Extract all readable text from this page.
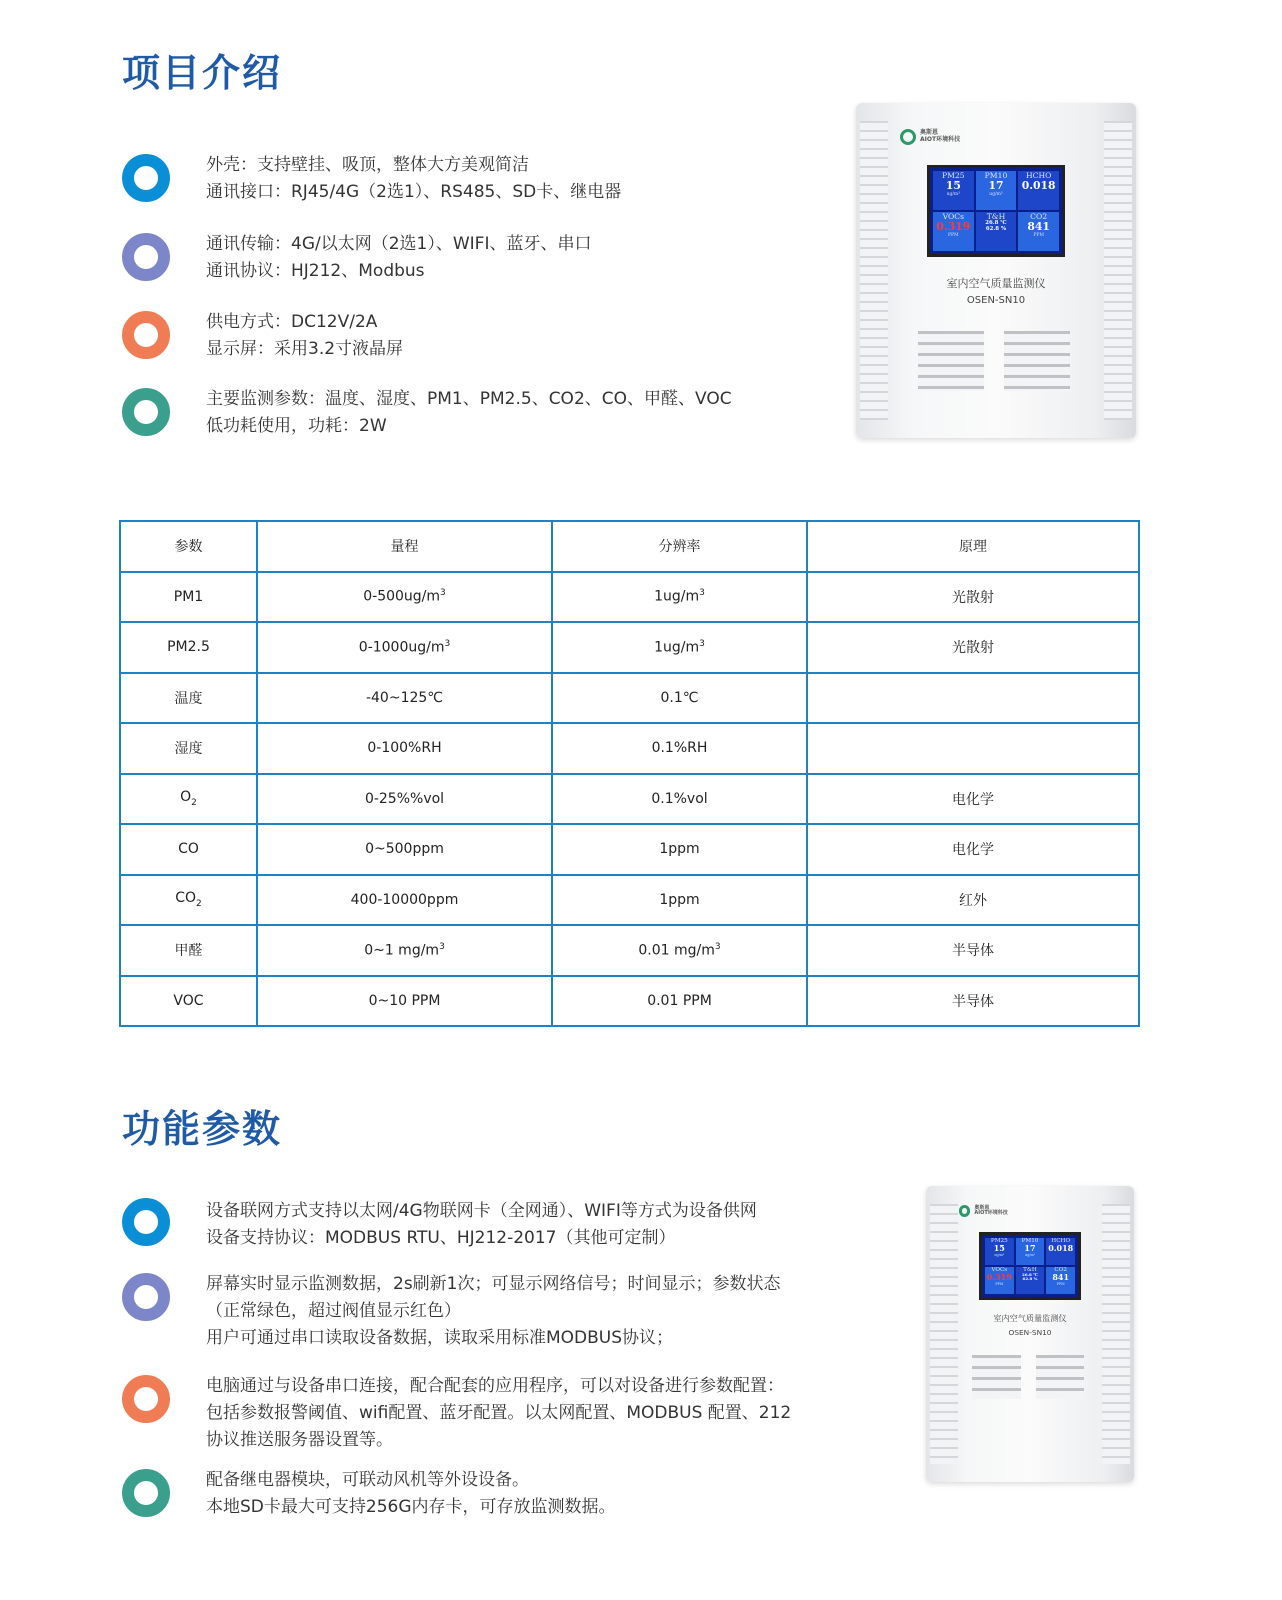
项目介绍
外壳：支持壁挂、吸顶，整体大方美观简洁
通讯接口：RJ45/4G（2选1）、RS485、SD卡、继电器
通讯传输：4G/以太网（2选1）、WIFI、蓝牙、串口
通讯协议：HJ212、Modbus
供电方式：DC12V/2A
显示屏：采用3.2寸液晶屏
主要监测参数：温度、湿度、PM1、PM2.5、CO2、CO、甲醛、VOC
低功耗使用，功耗：2W
奥斯恩
AIOT环境科技
PM25
15
ug/m³
PM10
17
ug/m³
HCHO
0.018
VOCs
0.319
PPM
T&H
26.8 ℃
62.8 %
CO2
841
PPM
室内空气质量监测仪
OSEN-SN10
参数	量程	分辨率	原理
PM1	$0-500ug/m^3$	$1ug/m^3$	光散射
PM2.5	$0-1000ug/m^3$	$1ug/m^3$	光散射
温度	-40~125℃	0.1℃	
湿度	0-100%RH	0.1%RH	
$O_2$	0-25%%vol	0.1%vol	电化学
CO	0~500ppm	1ppm	电化学
$CO_2$	400-10000ppm	1ppm	红外
甲醛	0~1 $mg/m^3$	0.01 $mg/m^3$	半导体
VOC	0~10 PPM	0.01 PPM	半导体
功能参数
设备联网方式支持以太网/4G物联网卡（全网通）、WIFI等方式为设备供网
设备支持协议：MODBUS RTU、HJ212-2017（其他可定制）
屏幕实时显示监测数据，2s刷新1次；可显示网络信号；时间显示；参数状态
（正常绿色，超过阀值显示红色）
用户可通过串口读取设备数据，读取采用标准MODBUS协议；
电脑通过与设备串口连接，配合配套的应用程序，可以对设备进行参数配置：
包括参数报警阈值、wifi配置、蓝牙配置。以太网配置、MODBUS 配置、212
协议推送服务器设置等。
配备继电器模块，可联动风机等外设设备。
本地SD卡最大可支持256G内存卡，可存放监测数据。
奥斯恩
AIOT环境科技
PM25
15
ug/m³
PM10
17
ug/m³
HCHO
0.018
VOCs
0.319
PPM
T&H
26.8 ℃
62.8 %
CO2
841
PPM
室内空气质量监测仪
OSEN-SN10
